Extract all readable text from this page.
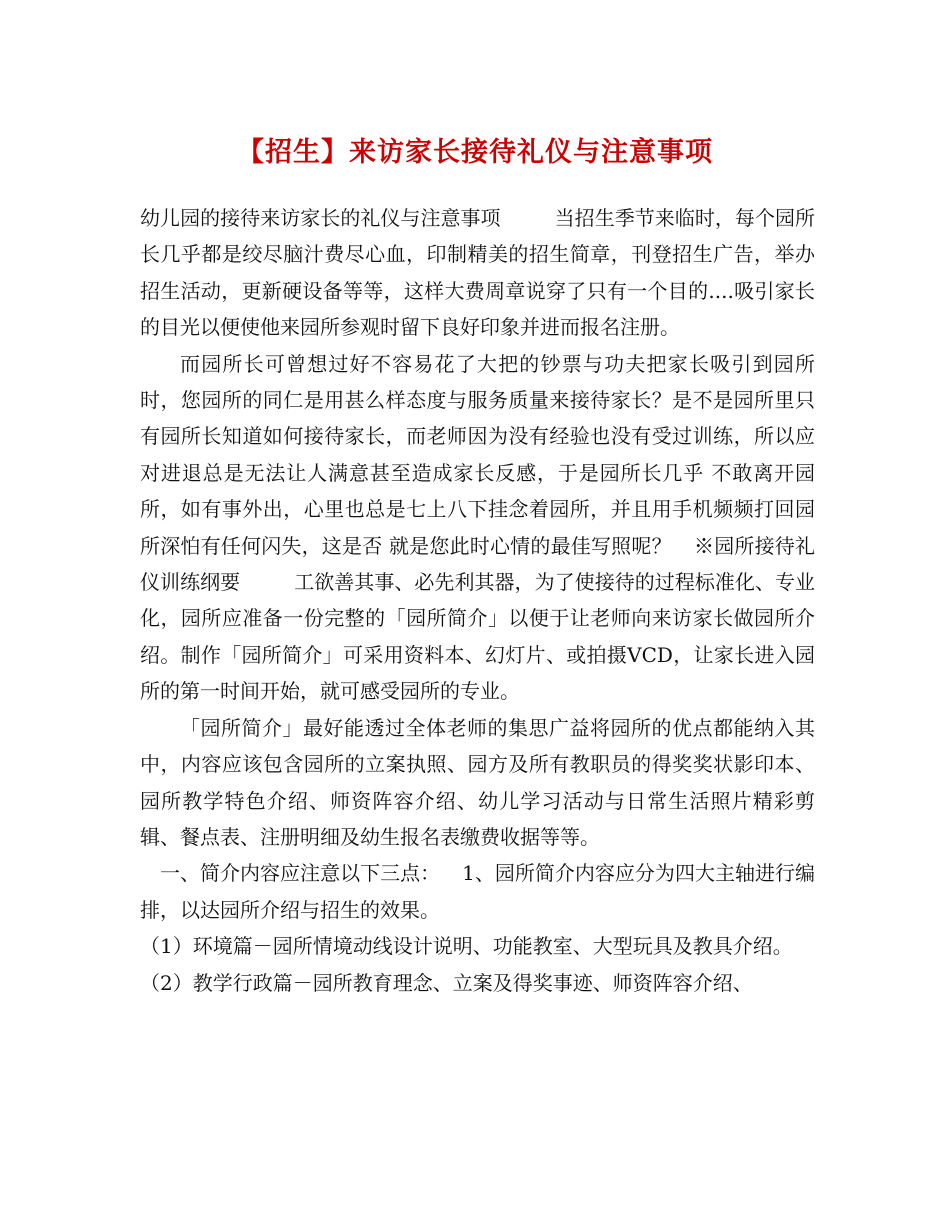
【招生】来访家长接待礼仪与注意事项

幼儿园的接待来访家长的礼仪与注意事项	当招生季节来临时，每个园所长几乎都是绞尽脑汁费尽心血，印制精美的招生简章，刊登招生广告，举办招生活动，更新硬设备等等，这样大费周章说穿了只有一个目的....吸引家长的目光以便使他来园所参观时留下良好印象并进而报名注册。

而园所长可曾想过好不容易花了大把的钞票与功夫把家长吸引到园所时，您园所的同仁是用甚么样态度与服务质量来接待家长？是不是园所里只有园所长知道如何接待家长，而老师因为没有经验也没有受过训练，所以应对进退总是无法让人满意甚至造成家长反感，于是园所长几乎 不敢离开园所，如有事外出，心里也总是七上八下挂念着园所，并且用手机频频打回园所深怕有任何闪失，这是否 就是您此时心情的最佳写照呢？ ※园所接待礼仪训练纲要	工欲善其事、必先利其器，为了使接待的过程标准化、专业化，园所应准备一份完整的「园所简介」以便于让老师向来访家长做园所介绍。制作「园所简介」可采用资料本、幻灯片、或拍摄VCD，让家长进入园所的第一时间开始，就可感受园所的专业。

「园所简介」最好能透过全体老师的集思广益将园所的优点都能纳入其中，内容应该包含园所的立案执照、园方及所有教职员的得奖奖状影印本、园所教学特色介绍、师资阵容介绍、幼儿学习活动与日常生活照片精彩剪辑、餐点表、注册明细及幼生报名表缴费收据等等。

一、简介内容应注意以下三点： 1、园所简介内容应分为四大主轴进行编排，以达园所介绍与招生的效果。

（1）环境篇－园所情境动线设计说明、功能教室、大型玩具及教具介绍。

（2）教学行政篇－园所教育理念、立案及得奖事迹、师资阵容介绍、
